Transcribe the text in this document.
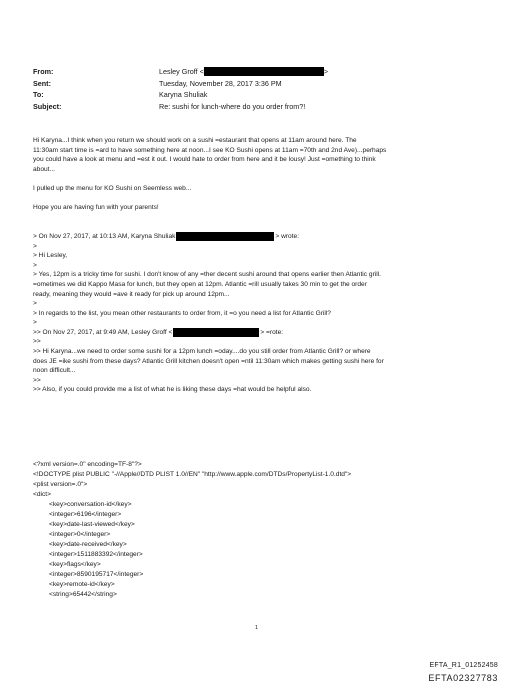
From:	Lesley Groff <	>
Sent:	Tuesday, November 28, 2017 3:36 PM
To:	Karyna Shuliak
Subject:	Re: sushi for lunch-where do you order from?!

Hi Karyna...I think when you return we should work on a sushi =estaurant that opens at 11am around here. The

11:30am start time is =ard to have something here at noon...I see KO Sushi opens at 11am =70th and 2nd Ave)...perhaps

you could have a look at menu and =est it out. I would hate to order from here and it be lousy! Just =omething to think

about...

I pulled up the menu for KO Sushi on Seemless web...

Hope you are having fun with your parents!

> On Nov 27, 2017, at 10:13 AM, Karyna Shuliak	> wrote:

>

> Hi Lesley,

>

> Yes, 12pm is a tricky time for sushi. I don't know of any =ther decent sushi around that opens earlier then Atlantic grill.

=ometimes we did Kappo Masa for lunch, but they open at 12pm. Atlantic =rill usually takes 30 min to get the order

ready, meaning they would =ave it ready for pick up around 12pm...

>

> In regards to the list, you mean other restaurants to order from, it =o you need a list for Atlantic Grill?

>

>> On Nov 27, 2017, at 9:49 AM, Lesley Groff <	> =rote:

>>

>> Hi Karyna...we need to order some sushi for a 12pm lunch =oday....do you still order from Atlantic Grill? or where

does JE =ike sushi from these days? Atlantic Grill kitchen doesn't open =ntil 11:30am which makes getting sushi here for

noon difficult...

>>

>> Also, if you could provide me a list of what he is liking these days =hat would be helpful also.

<?xml version=.0" encoding=TF-8"?>

<!DOCTYPE plist PUBLIC "-//Apple//DTD PLIST 1.0//EN" "http://www.apple.com/DTDs/PropertyList-1.0.dtd">

<plist version=.0">

<dict>

<key>conversation-id</key>

<integer>6196</integer>

<key>date-last-viewed</key>

<integer>0</integer>

<key>date-received</key>

<integer>1511883392</integer>

<key>flags</key>

<integer>8590195717</integer>

<key>remote-id</key>

<string>65442</string>

1
EFTA_R1_01252458
EFTA02327783
